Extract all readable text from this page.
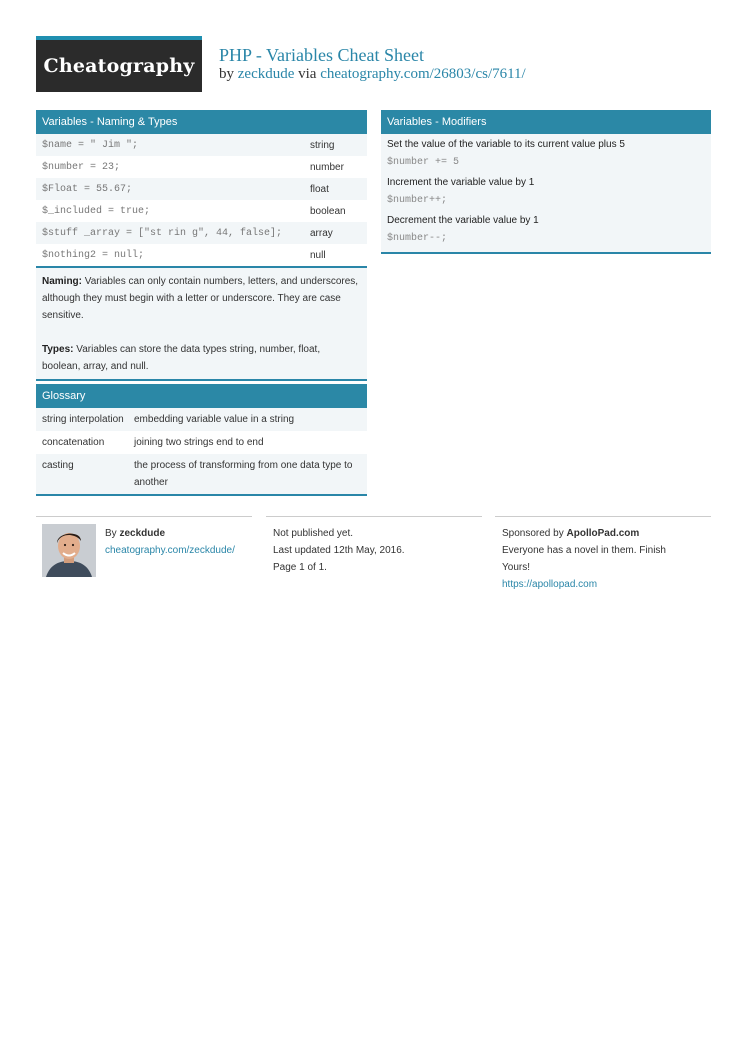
Cheatography PHP - Variables Cheat Sheet
by zeckdude via cheatography.com/26803/cs/7611/
Variables - Naming & Types
$name = " Jim ";	string
$number = 23;	number
$Float = 55.67;	float
$_included = true;	boolean
$stuff _array = ["st rin g", 44, false];	array
$nothing2 = null;	null

Naming: Variables can only contain numbers, letters, and underscores, although they must begin with a letter or underscore. They are case sensitive.

Types: Variables can store the data types string, number, float, boolean, array, and null.

Glossary
string interpolation	embedding variable value in a string
concatenation	joining two strings end to end
casting	the process of transforming from one data type to another
Variables - Modifiers
Set the value of the variable to its current value plus 5
$number += 5
Increment the variable value by 1
$number++;
Decrement the variable value by 1
$number--;
By zeckdude
cheatography.com/zeckdude/
Not published yet.
Last updated 12th May, 2016.
Page 1 of 1.
Sponsored by ApolloPad.com
Everyone has a novel in them. Finish Yours!
https://apollopad.com
